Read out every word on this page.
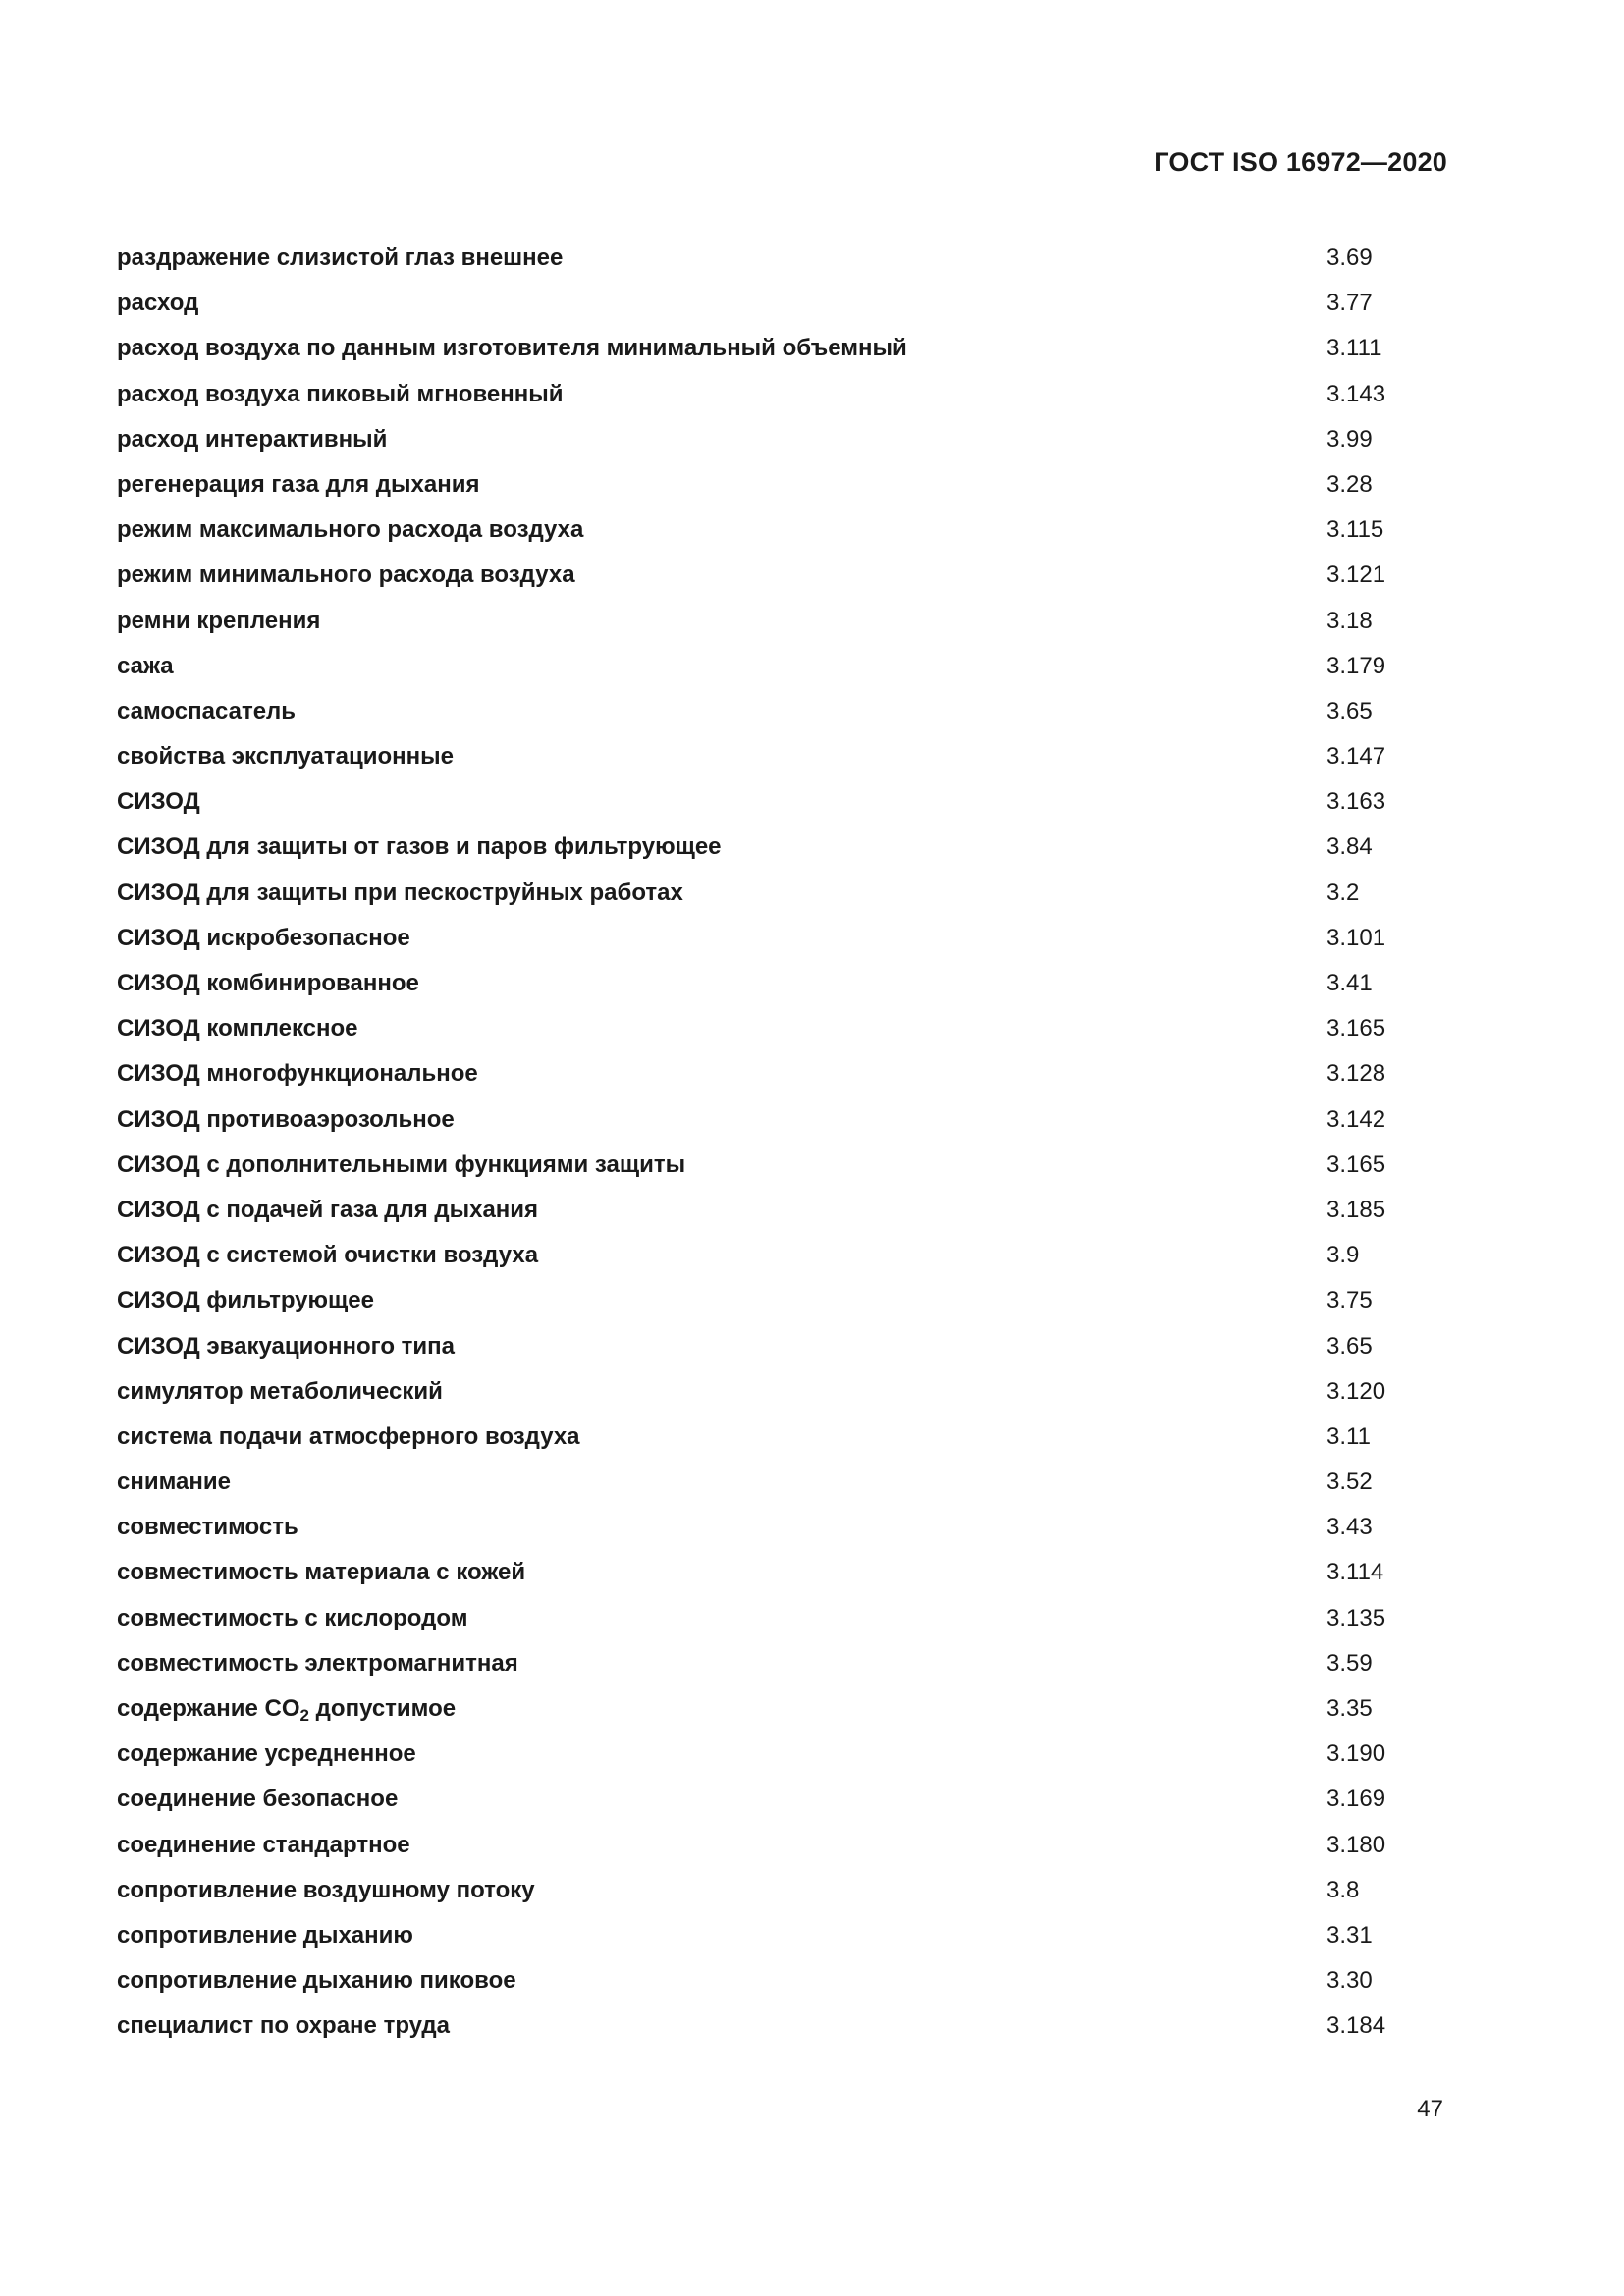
ГОСТ ISO 16972—2020
раздражение слизистой глаз внешнее	3.69
расход	3.77
расход воздуха по данным изготовителя минимальный объемный	3.111
расход воздуха пиковый мгновенный	3.143
расход интерактивный	3.99
регенерация газа для дыхания	3.28
режим максимального расхода воздуха	3.115
режим минимального расхода воздуха	3.121
ремни крепления	3.18
сажа	3.179
самоспасатель	3.65
свойства эксплуатационные	3.147
СИЗОД	3.163
СИЗОД для защиты от газов и паров фильтрующее	3.84
СИЗОД для защиты при пескоструйных работах	3.2
СИЗОД искробезопасное	3.101
СИЗОД комбинированное	3.41
СИЗОД комплексное	3.165
СИЗОД многофункциональное	3.128
СИЗОД противоаэрозольное	3.142
СИЗОД с дополнительными функциями защиты	3.165
СИЗОД с подачей газа для дыхания	3.185
СИЗОД с системой очистки воздуха	3.9
СИЗОД фильтрующее	3.75
СИЗОД эвакуационного типа	3.65
симулятор метаболический	3.120
система подачи атмосферного воздуха	3.11
снимание	3.52
совместимость	3.43
совместимость материала с кожей	3.114
совместимость с кислородом	3.135
совместимость электромагнитная	3.59
содержание $CO_2$ допустимое	3.35
содержание усредненное	3.190
соединение безопасное	3.169
соединение стандартное	3.180
сопротивление воздушному потоку	3.8
сопротивление дыханию	3.31
сопротивление дыханию пиковое	3.30
специалист по охране труда	3.184
47
